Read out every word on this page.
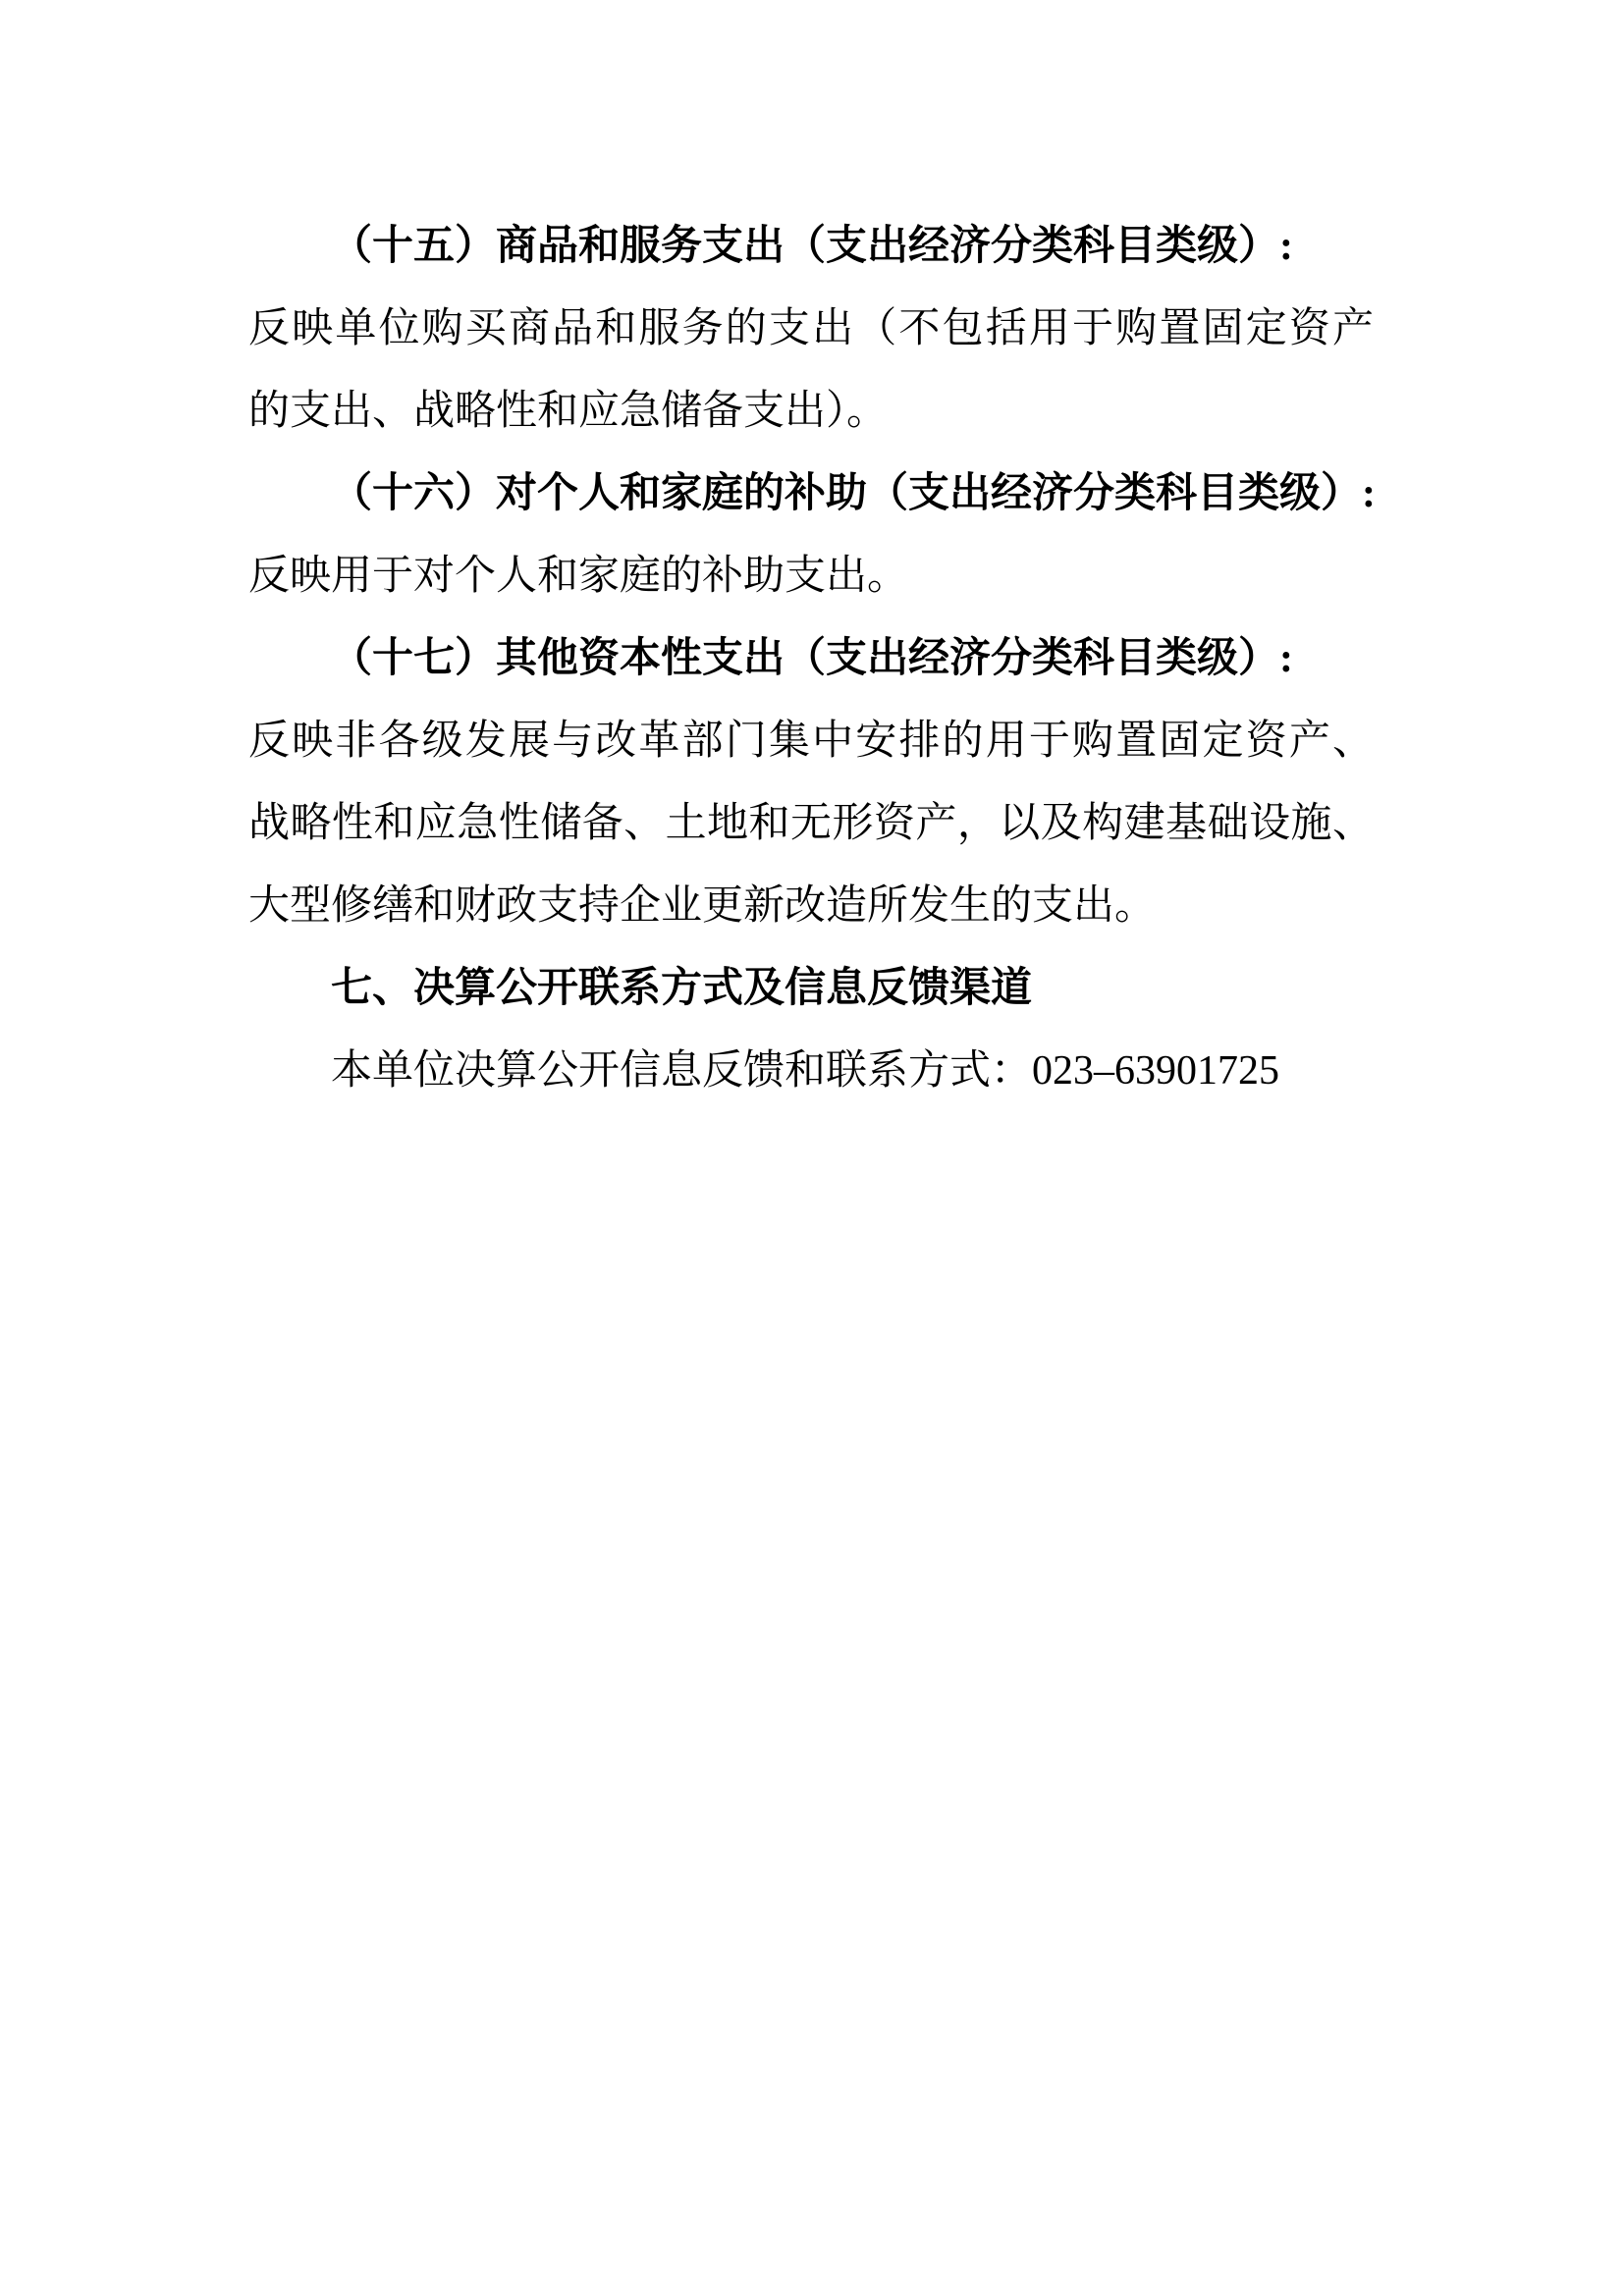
（十五）商品和服务支出（支出经济分类科目类级）:
反映单位购买商品和服务的支出（不包括用于购置固定资产
的支出、战略性和应急储备支出）。
（十六）对个人和家庭的补助（支出经济分类科目类级）:
反映用于对个人和家庭的补助支出。
（十七）其他资本性支出（支出经济分类科目类级）:
反映非各级发展与改革部门集中安排的用于购置固定资产、
战略性和应急性储备、土地和无形资产，以及构建基础设施、
大型修缮和财政支持企业更新改造所发生的支出。
七、决算公开联系方式及信息反馈渠道
本单位决算公开信息反馈和联系方式：023–63901725
